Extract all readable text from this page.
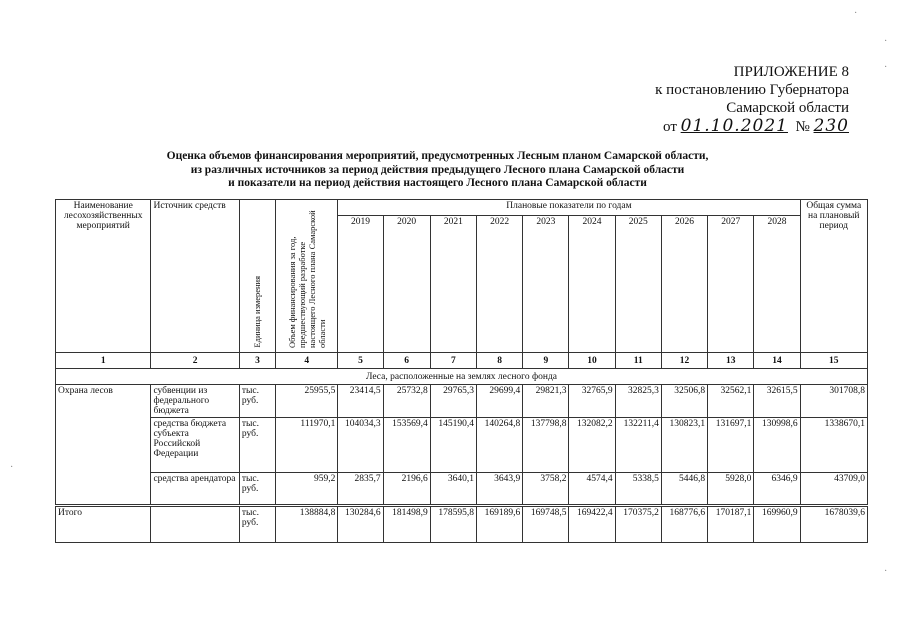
ПРИЛОЖЕНИЕ 8
к постановлению Губернатора
Самарской области
от 01.10.2021 № 230
Оценка объемов финансирования мероприятий, предусмотренных Лесным планом Самарской области,
из различных источников за период действия предыдущего Лесного плана Самарской области
и показатели на период действия настоящего Лесного плана Самарской области
Наименование лесохозяйственных мероприятий	Источник средств	Единица измерения	Объем финансирования за год, предшествующий разработке настоящего Лесного плана Самарской области	Плановые показатели по годам										Общая сумма на плановый период
				2019	2020	2021	2022	2023	2024	2025	2026	2027	2028	
1	2	3	4	5	6	7	8	9	10	11	12	13	14	15
Леса, расположенные на землях лесного фонда														
Охрана лесов	субвенции из федерального бюджета	тыс. руб.	25955,5	23414,5	25732,8	29765,3	29699,4	29821,3	32765,9	32825,3	32506,8	32562,1	32615,5	301708,8
	средства бюджета субъекта Российской Федерации	тыс. руб.	111970,1	104034,3	153569,4	145190,4	140264,8	137798,8	132082,2	132211,4	130823,1	131697,1	130998,6	1338670,1
	средства арендатора	тыс. руб.	959,2	2835,7	2196,6	3640,1	3643,9	3758,2	4574,4	5338,5	5446,8	5928,0	6346,9	43709,0

Итого		тыс. руб.	138884,8	130284,6	181498,9	178595,8	169189,6	169748,5	169422,4	170375,2	168776,6	170187,1	169960,9	1678039,6
·
·
·
·
·
